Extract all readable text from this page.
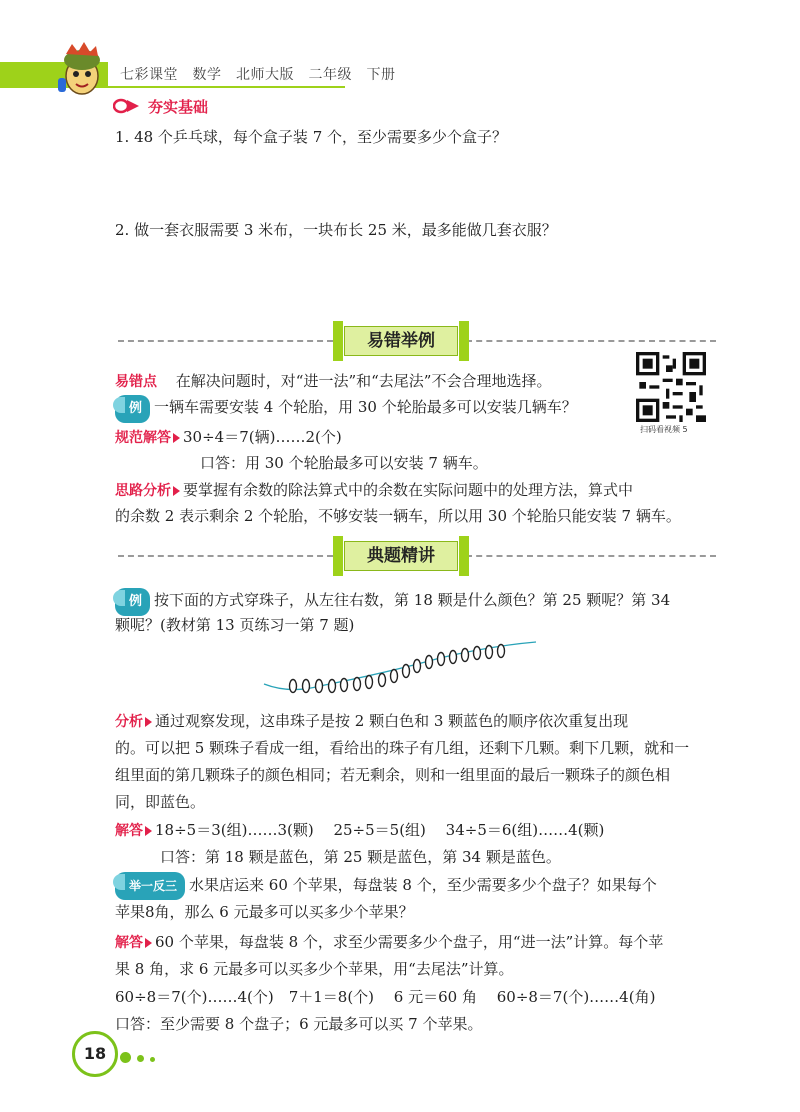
七彩课堂　数学　北师大版　二年级　下册
夯实基础
1. 48 个乒乓球，每个盒子装 7 个，至少需要多少个盒子？
2. 做一套衣服需要 3 米布，一块布长 25 米，最多能做几套衣服？
易错举例
易错点 在解决问题时，对“进一法”和“去尾法”不会合理地选择。
例 一辆车需要安装 4 个轮胎，用 30 个轮胎最多可以安装几辆车？
规范解答 30÷4＝7(辆)……2(个)
口答：用 30 个轮胎最多可以安装 7 辆车。
思路分析 要掌握有余数的除法算式中的余数在实际问题中的处理方法，算式中
的余数 2 表示剩余 2 个轮胎，不够安装一辆车，所以用 30 个轮胎只能安装 7 辆车。
扫码看视频 5
典题精讲
例 按下面的方式穿珠子，从左往右数，第 18 颗是什么颜色？第 25 颗呢？第 34
颗呢？(教材第 13 页练习一第 7 题)
分析 通过观察发现，这串珠子是按 2 颗白色和 3 颗蓝色的顺序依次重复出现
的。可以把 5 颗珠子看成一组，看给出的珠子有几组，还剩下几颗。剩下几颗，就和一
组里面的第几颗珠子的颜色相同；若无剩余，则和一组里面的最后一颗珠子的颜色相
同，即蓝色。
解答 18÷5＝3(组)……3(颗)　 25÷5＝5(组)　 34÷5＝6(组)……4(颗)
口答：第 18 颗是蓝色，第 25 颗是蓝色，第 34 颗是蓝色。
举一反三 水果店运来 60 个苹果，每盘装 8 个，至少需要多少个盘子？如果每个
苹果8角，那么 6 元最多可以买多少个苹果？
解答 60 个苹果，每盘装 8 个，求至少需要多少个盘子，用“进一法”计算。每个苹
果 8 角，求 6 元最多可以买多少个苹果，用“去尾法”计算。
60÷8＝7(个)……4(个)　7＋1＝8(个)　 6 元＝60 角　 60÷8＝7(个)……4(角)
口答：至少需要 8 个盘子；6 元最多可以买 7 个苹果。
18
